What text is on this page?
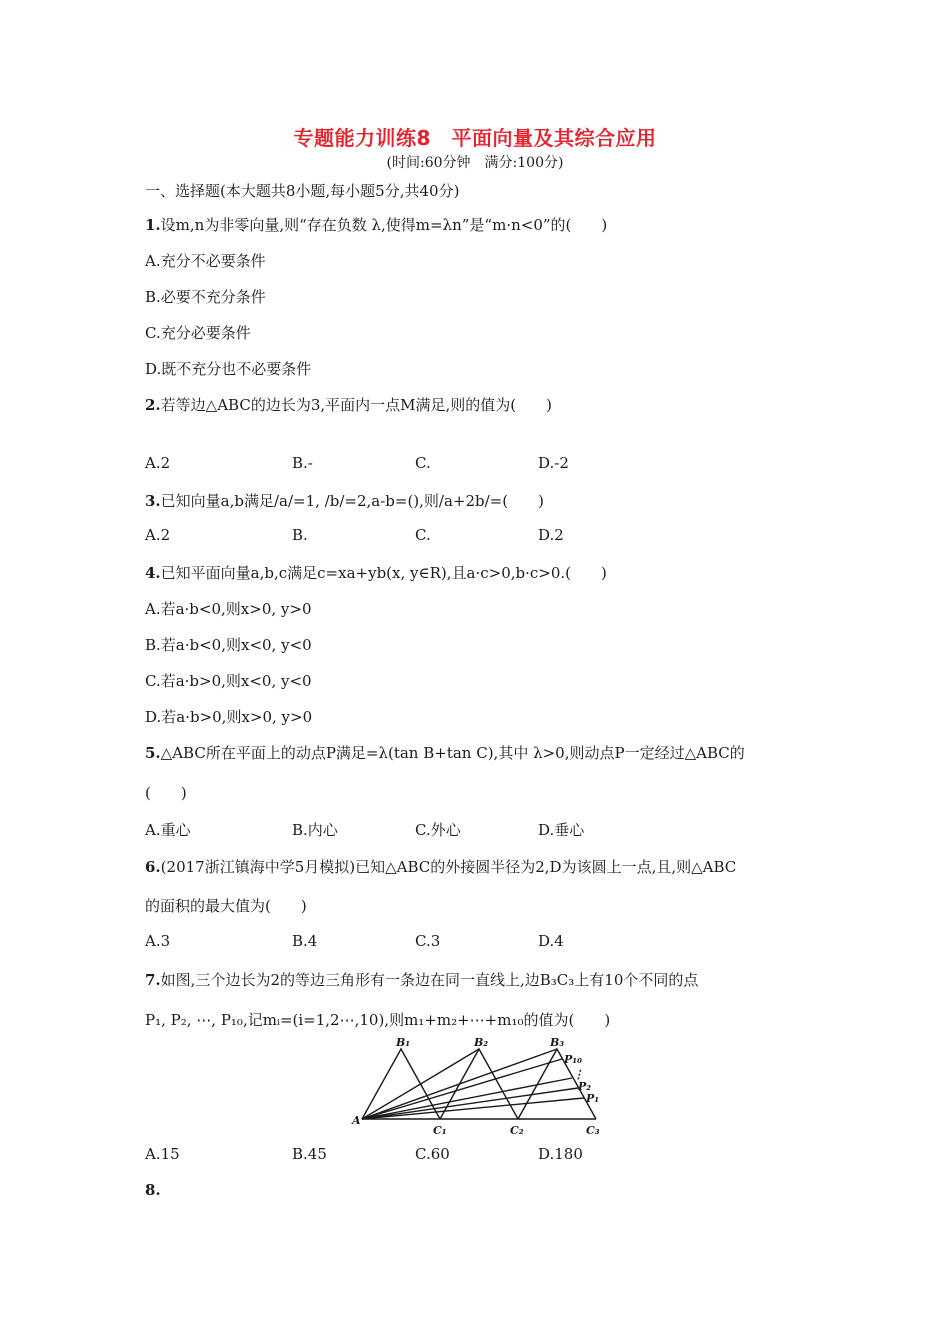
专题能力训练8　平面向量及其综合应用
(时间:60分钟　满分:100分)
一、选择题(本大题共8小题,每小题5分,共40分)
1.设m,n为非零向量,则“存在负数 λ,使得m=λn”是“m·n<0”的(　　)
A.充分不必要条件
B.必要不充分条件
C.充分必要条件
D.既不充分也不必要条件
2.若等边△ABC的边长为3,平面内一点M满足,则的值为(　　)
A.2	B.-	C.	D.-2
3.已知向量a,b满足/a/=1, /b/=2,a-b=(),则/a+2b/=(　　)
A.2	B.	C.	D.2
4.已知平面向量a,b,c满足c=xa+yb(x, y∈R),且a·c>0,b·c>0.(　　)
A.若a·b<0,则x>0, y>0
B.若a·b<0,则x<0, y<0
C.若a·b>0,则x<0, y<0
D.若a·b>0,则x>0, y>0
5.△ABC所在平面上的动点P满足=λ(tan B+tan C),其中 λ>0,则动点P一定经过△ABC的
(　　)
A.重心	B.内心	C.外心	D.垂心
6.(2017浙江镇海中学5月模拟)已知△ABC的外接圆半径为2,D为该圆上一点,且,则△ABC
的面积的最大值为(　　)
A.3	B.4	C.3	D.4
7.如图,三个边长为2的等边三角形有一条边在同一直线上,边B₃C₃上有10个不同的点
P₁, P₂, ⋯, P₁₀,记mᵢ=(i=1,2⋯,10),则m₁+m₂+⋯+m₁₀的值为(　　)
A
B₁	B₂	B₃
C₁	C₂	C₃
P₁₀
⋮
P₂
P₁
A.15	B.45	C.60	D.180
8.
